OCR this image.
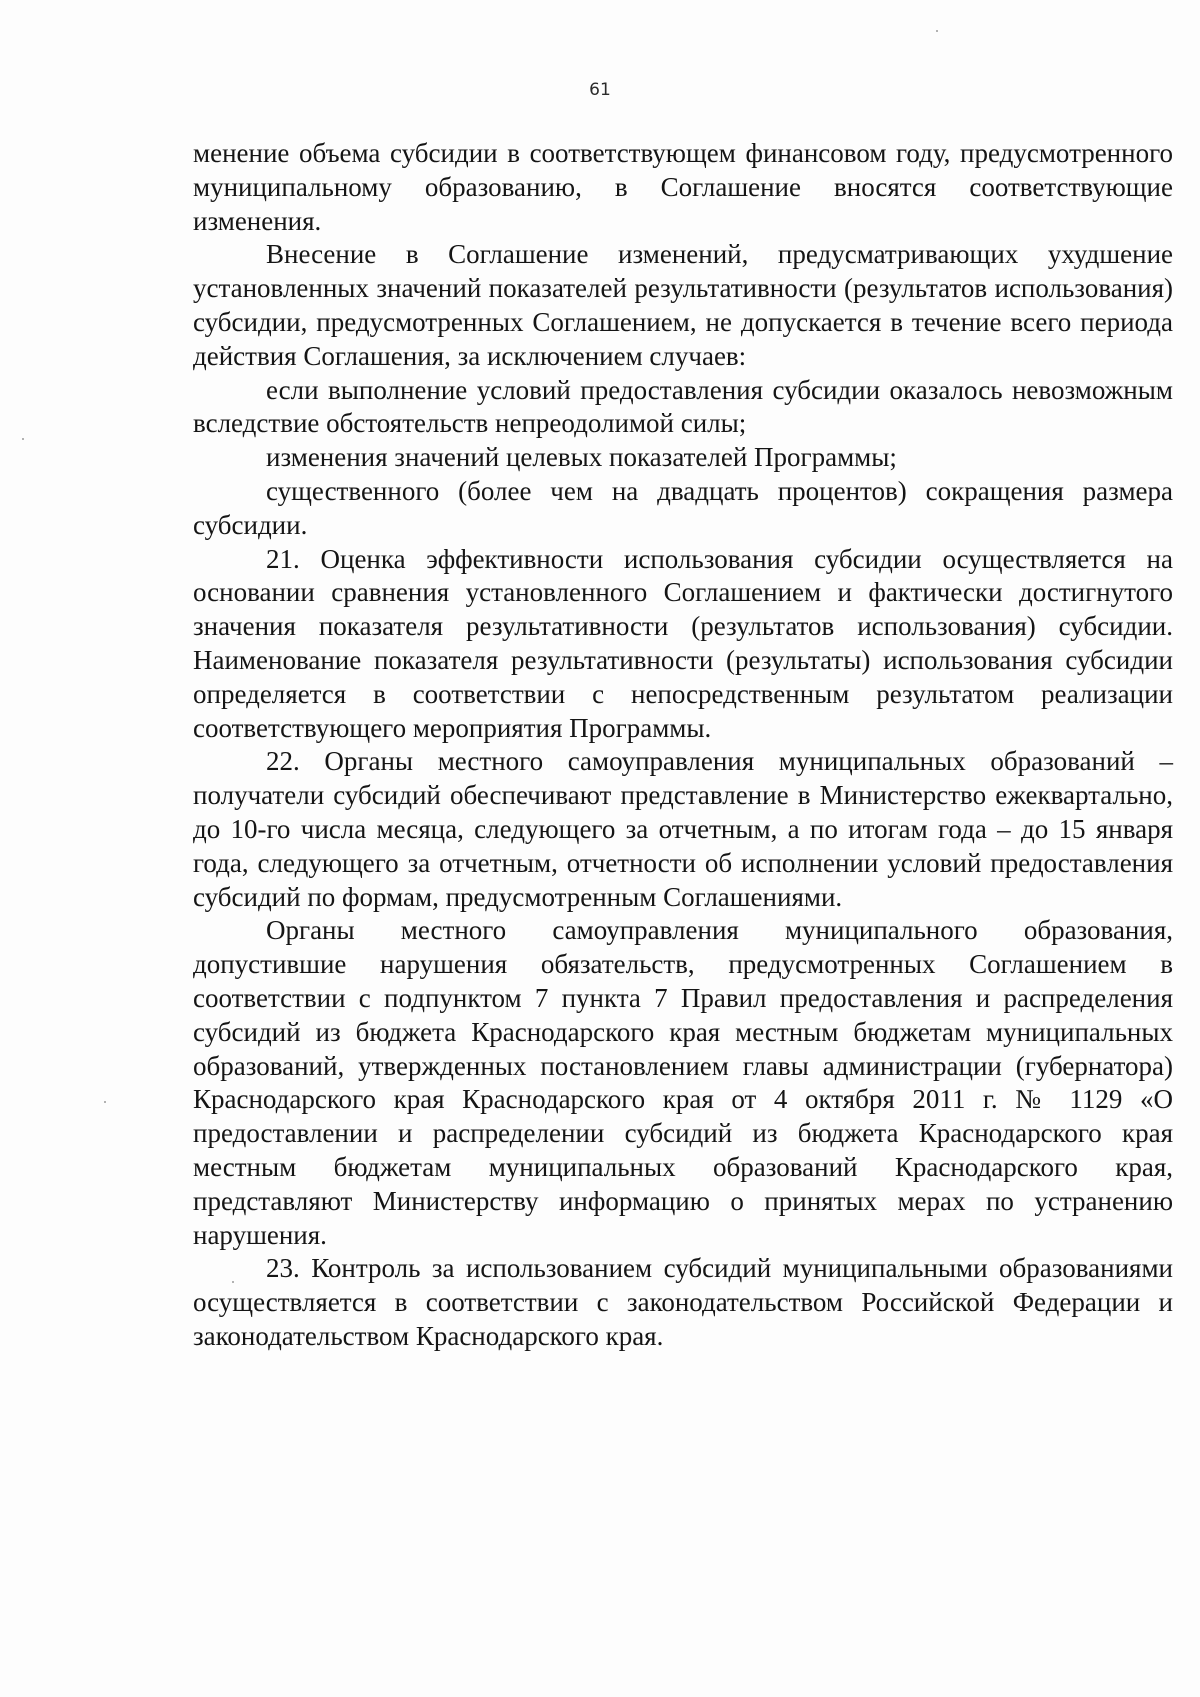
61

менение объема субсидии в соответствующем финансовом году, предусмотренного муниципальному образованию, в Соглашение вносятся соответствующие изменения.

Внесение в Соглашение изменений, предусматривающих ухудшение установленных значений показателей результативности (результатов использования) субсидии, предусмотренных Соглашением, не допускается в течение всего периода действия Соглашения, за исключением случаев:

если выполнение условий предоставления субсидии оказалось невозможным вследствие обстоятельств непреодолимой силы;

изменения значений целевых показателей Программы;

существенного (более чем на двадцать процентов) сокращения размера субсидии.

21. Оценка эффективности использования субсидии осуществляется на основании сравнения установленного Соглашением и фактически достигнутого значения показателя результативности (результатов использования) субсидии. Наименование показателя результативности (результаты) использования субсидии определяется в соответствии с непосредственным результатом реализации соответствующего мероприятия Программы.

22. Органы местного самоуправления муниципальных образований – получатели субсидий обеспечивают представление в Министерство ежеквартально, до 10-го числа месяца, следующего за отчетным, а по итогам года – до 15 января года, следующего за отчетным, отчетности об исполнении условий предоставления субсидий по формам, предусмотренным Соглашениями.

Органы местного самоуправления муниципального образования, допустившие нарушения обязательств, предусмотренных Соглашением в соответствии с подпунктом 7 пункта 7 Правил предоставления и распределения субсидий из бюджета Краснодарского края местным бюджетам муниципальных образований, утвержденных постановлением главы администрации (губернатора) Краснодарского края Краснодарского края от 4 октября 2011 г. № 1129 «О предоставлении и распределении субсидий из бюджета Краснодарского края местным бюджетам муниципальных образований Краснодарского края, представляют Министерству информацию о принятых мерах по устранению нарушения.

23. Контроль за использованием субсидий муниципальными образованиями осуществляется в соответствии с законодательством Российской Федерации и законодательством Краснодарского края.
